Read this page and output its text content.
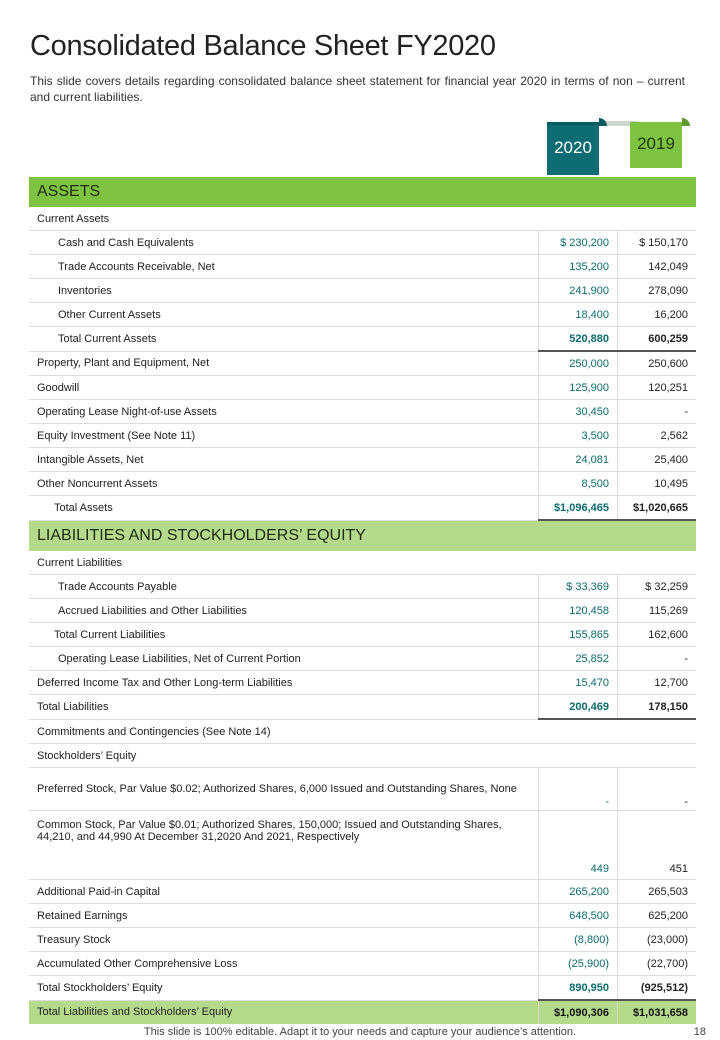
Consolidated Balance Sheet FY2020
This slide covers details regarding consolidated balance sheet statement for financial year 2020 in terms of non – current and current liabilities.
2020	2019
ASSETS		
Current Assets		
Cash and Cash Equivalents	$ 230,200	$ 150,170
Trade Accounts Receivable, Net	135,200	142,049
Inventories	241,900	278,090
Other Current Assets	18,400	16,200
Total Current Assets	520,880	600,259
Property, Plant and Equipment, Net	250,000	250,600
Goodwill	125,900	120,251
Operating Lease Night-of-use Assets	30,450	-
Equity Investment (See Note 11)	3,500	2,562
Intangible Assets, Net	24,081	25,400
Other Noncurrent Assets	8,500	10,495
Total Assets	$1,096,465	$1,020,665
LIABILITIES AND STOCKHOLDERS’ EQUITY		
Current Liabilities		
Trade Accounts Payable	$ 33,369	$ 32,259
Accrued Liabilities and Other Liabilities	120,458	115,269
Total Current Liabilities	155,865	162,600
Operating Lease Liabilities, Net of Current Portion	25,852	-
Deferred Income Tax and Other Long-term Liabilities	15,470	12,700
Total Liabilities	200,469	178,150
Commitments and Contingencies (See Note 14)		
Stockholders’ Equity		
Preferred Stock, Par Value $0.02; Authorized Shares, 6,000 Issued and Outstanding Shares, None	-	-
Common Stock, Par Value $0.01; Authorized Shares, 150,000; Issued and Outstanding Shares, 44,210, and 44,990 At December 31,2020 And 2021, Respectively	449	451
Additional Paid-in Capital	265,200	265,503
Retained Earnings	648,500	625,200
Treasury Stock	(8,800)	(23,000)
Accumulated Other Comprehensive Loss	(25,900)	(22,700)
Total Stockholders’ Equity	890,950	(925,512)
Total Liabilities and Stockholders’ Equity	$1,090,306	$1,031,658
This slide is 100% editable. Adapt it to your needs and capture your audience’s attention.	18
